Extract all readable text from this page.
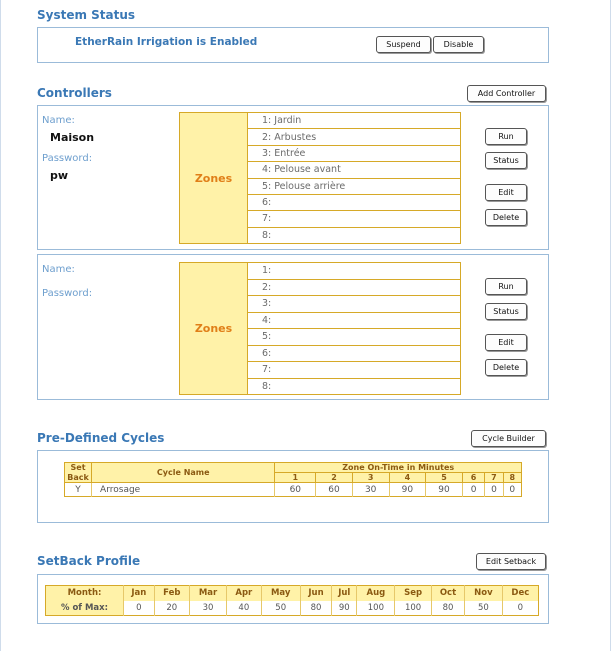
System Status
EtherRain Irrigation is Enabled	Suspend	Disable
Controllers	Add Controller
Name:
Maison
Password:
pw	Zones
1: Jardin
2: Arbustes
3: Entrée
4: Pelouse avant
5: Pelouse arrière
6:
7:
8:
Run
Status
Edit
Delete
Name:
Password:
Zones
1:
2:
3:
4:
5:
6:
7:
8:
Run
Status
Edit
Delete
Pre-Defined Cycles	Cycle Builder
Set	Cycle Name	Zone On-Time in Minutes							
Back		1	2	3	4	5	6	7	8
Y	Arrosage	60	60	30	90	90	0	0	0
SetBack Profile	Edit Setback
Month:	Jan	Feb	Mar	Apr	May	Jun	Jul	Aug	Sep	Oct	Nov	Dec
% of Max:	0	20	30	40	50	80	90	100	100	80	50	0
